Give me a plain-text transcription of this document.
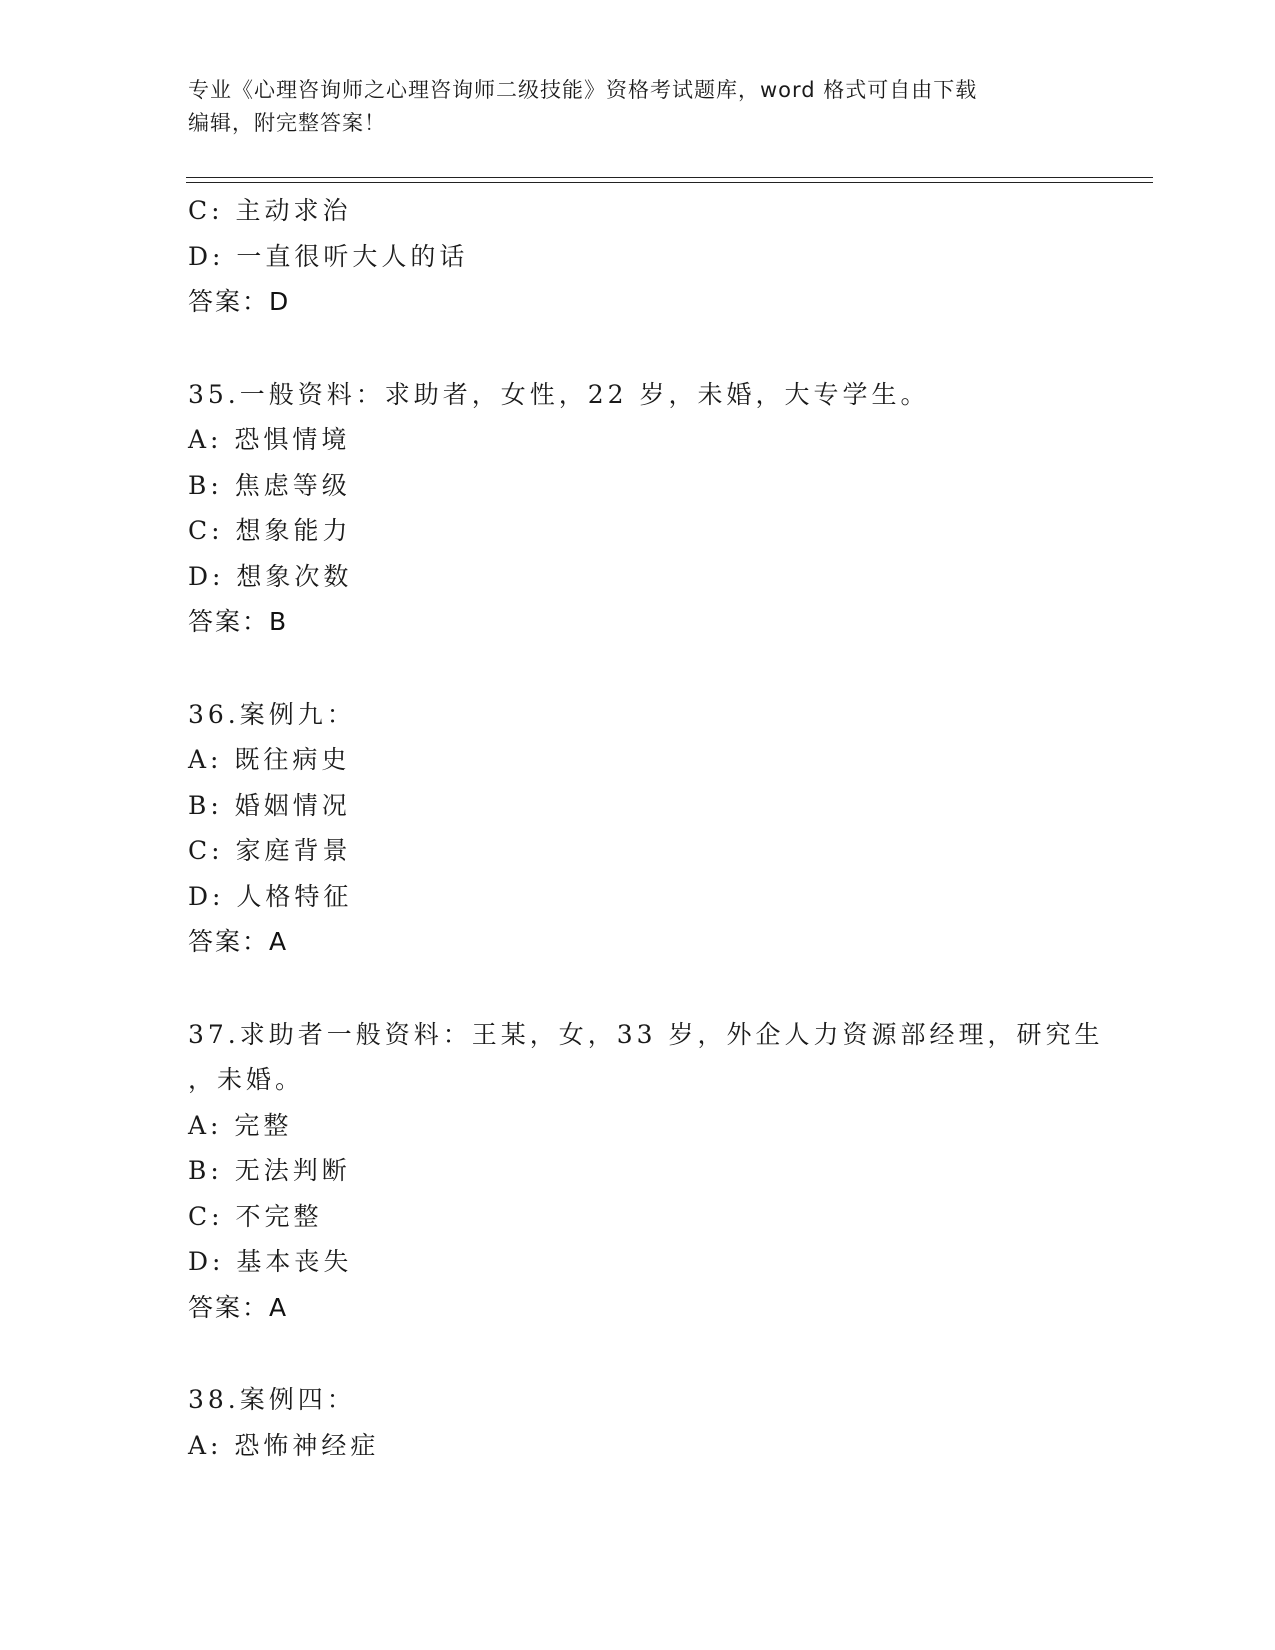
专业《心理咨询师之心理咨询师二级技能》资格考试题库，word 格式可自由下载
编辑，附完整答案！
C: 主动求治
D: 一直很听大人的话
答案：D
35.一般资料：求助者，女性，22 岁，未婚，大专学生。
A: 恐惧情境
B: 焦虑等级
C: 想象能力
D: 想象次数
答案：B
36.案例九：
A: 既往病史
B: 婚姻情况
C: 家庭背景
D: 人格特征
答案：A
37.求助者一般资料：王某，女，33 岁，外企人力资源部经理，研究生
，未婚。
A: 完整
B: 无法判断
C: 不完整
D: 基本丧失
答案：A
38.案例四：
A: 恐怖神经症
